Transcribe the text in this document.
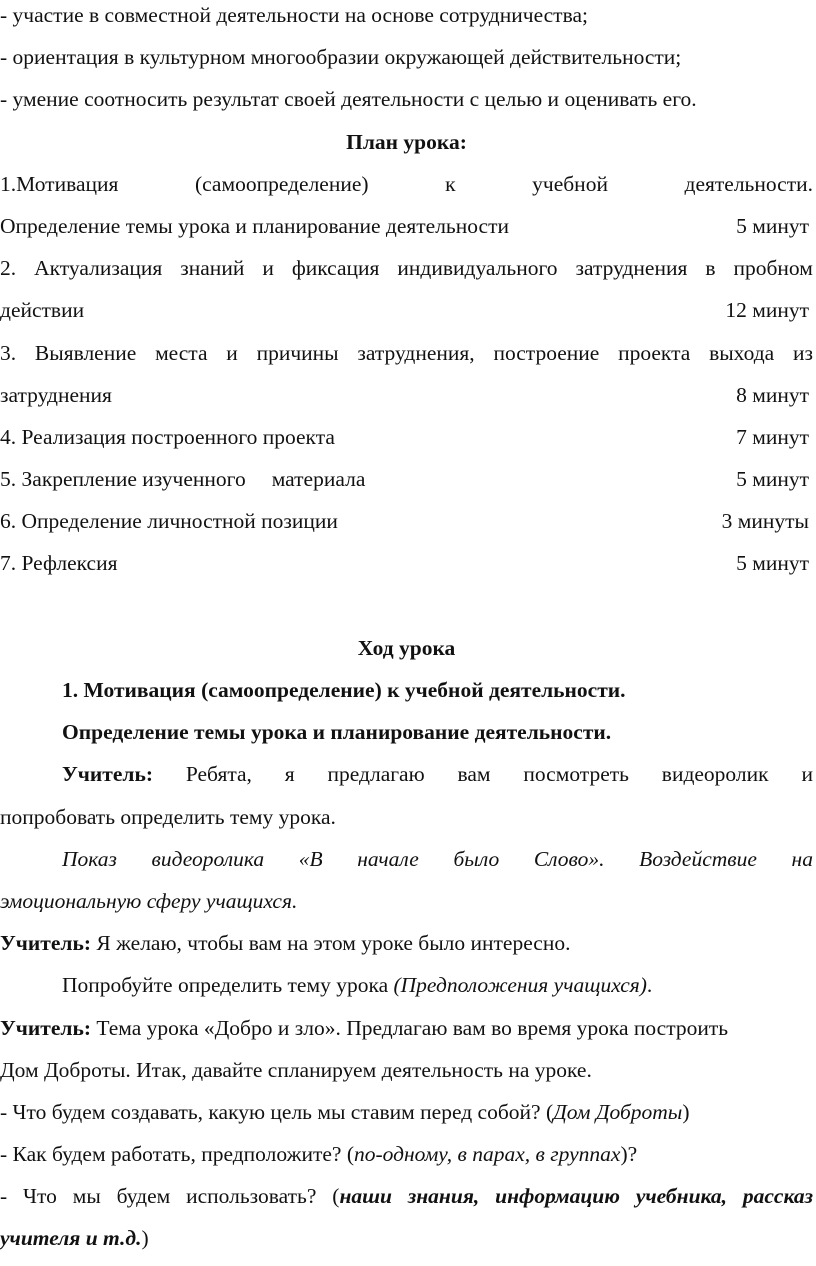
- участие в совместной деятельности на основе сотрудничества;
- ориентация в культурном многообразии окружающей действительности;
- умение соотносить результат своей деятельности с целью и оценивать его.
План урока:
1.Мотивация	(самоопределение)	к	учебной	деятельности.
Определение темы урока и планирование деятельности	5 минут
2. Актуализация знаний и фиксация индивидуального затруднения в пробном
действии	12 минут
3. Выявление места и причины затруднения, построение проекта выхода из
затруднения	8 минут
4. Реализация построенного проекта	7 минут
5. Закрепление изученного материала	5 минут
6. Определение личностной позиции	3 минуты
7. Рефлексия	5 минут
Ход урока
1. Мотивация (самоопределение) к учебной деятельности.
Определение темы урока и планирование деятельности.
Учитель: Ребята, я предлагаю вам посмотреть видеоролик и
попробовать определить тему урока.
Показ видеоролика «В начале было Слово». Воздействие на
эмоциональную сферу учащихся.
Учитель: Я желаю, чтобы вам на этом уроке было интересно.
Попробуйте определить тему урока (Предположения учащихся).
Учитель: Тема урока «Добро и зло». Предлагаю вам во время урока построить
Дом Доброты. Итак, давайте спланируем деятельность на уроке.
- Что будем создавать, какую цель мы ставим перед собой? (Дом Доброты)
- Как будем работать, предположите? (по-одному, в парах, в группах)?
- Что мы будем использовать? (наши знания, информацию учебника, рассказ
учителя и т.д.)
